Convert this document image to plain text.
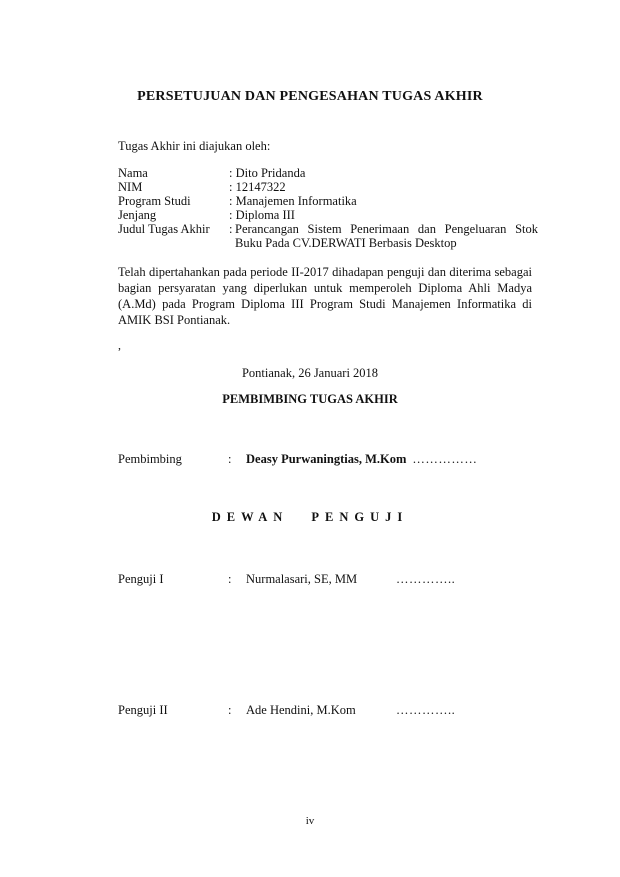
PERSETUJUAN DAN PENGESAHAN TUGAS AKHIR
Tugas Akhir ini diajukan oleh:
Nama	: Dito Pridanda
NIM	: 12147322
Program Studi	: Manajemen Informatika
Jenjang	: Diploma III
Judul Tugas Akhir	: Perancangan Sistem Penerimaan dan Pengeluaran Stok Buku Pada CV.DERWATI Berbasis Desktop
Telah dipertahankan pada periode II-2017 dihadapan penguji dan diterima sebagai bagian persyaratan yang diperlukan untuk memperoleh Diploma Ahli Madya (A.Md) pada Program Diploma III Program Studi Manajemen Informatika di AMIK BSI Pontianak.
,
Pontianak, 26 Januari 2018
PEMBIMBING TUGAS AKHIR
Pembimbing	:	Deasy Purwaningtias, M.Kom ……………
DEWAN PENGUJI
Penguji I	:	Nurmalasari, SE, MM	…………..
Penguji II	:	Ade Hendini, M.Kom	…………..
iv
